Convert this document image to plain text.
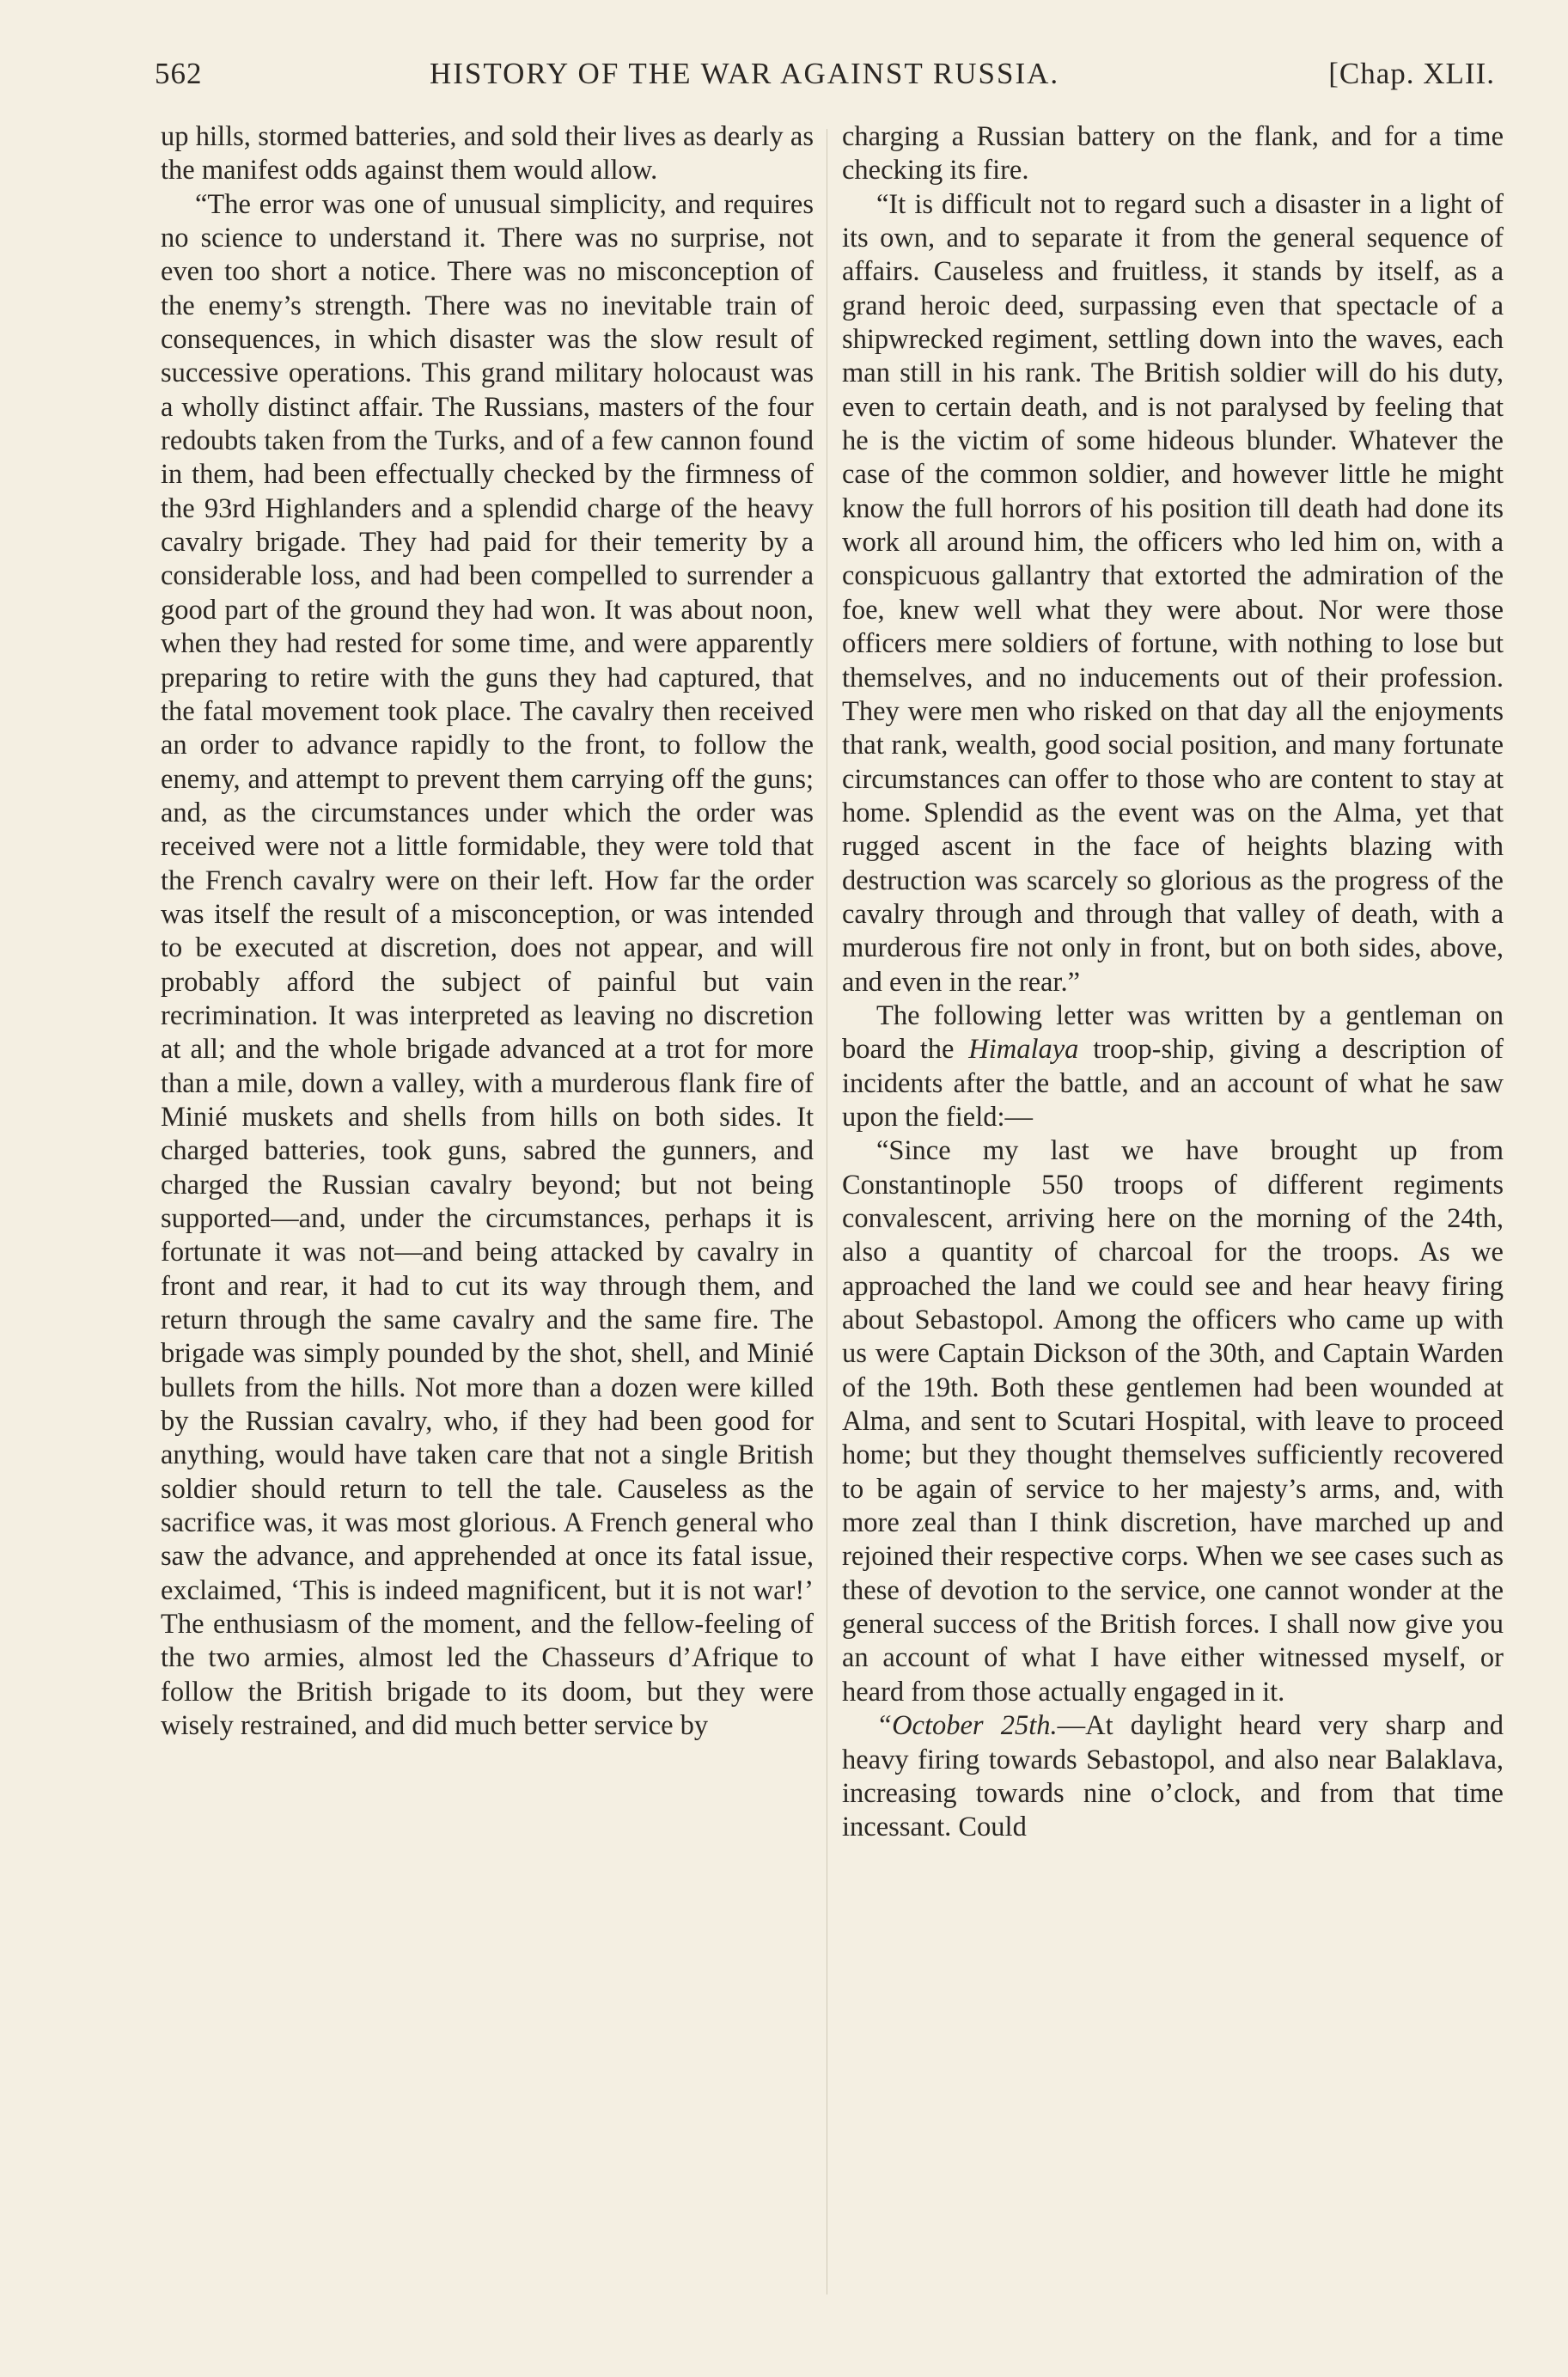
562	HISTORY OF THE WAR AGAINST RUSSIA.	[Chap. XLII.

up hills, stormed batteries, and sold their lives as dearly as the manifest odds against them would allow.

“The error was one of unusual simplicity, and requires no science to understand it. There was no surprise, not even too short a notice. There was no misconception of the enemy’s strength. There was no inevitable train of consequences, in which disaster was the slow result of successive operations. This grand military holocaust was a wholly distinct affair. The Russians, masters of the four redoubts taken from the Turks, and of a few cannon found in them, had been effectually checked by the firmness of the 93rd Highlanders and a splendid charge of the heavy cavalry brigade. They had paid for their temerity by a considerable loss, and had been compelled to surrender a good part of the ground they had won. It was about noon, when they had rested for some time, and were apparently preparing to retire with the guns they had captured, that the fatal movement took place. The cavalry then received an order to advance rapidly to the front, to follow the enemy, and attempt to prevent them carrying off the guns; and, as the circumstances under which the order was received were not a little formidable, they were told that the French cavalry were on their left. How far the order was itself the result of a misconception, or was intended to be executed at discretion, does not appear, and will probably afford the subject of painful but vain recrimination. It was interpreted as leaving no discretion at all; and the whole brigade advanced at a trot for more than a mile, down a valley, with a murderous flank fire of Minié muskets and shells from hills on both sides. It charged batteries, took guns, sabred the gunners, and charged the Russian cavalry beyond; but not being supported—and, under the circumstances, perhaps it is fortunate it was not—and being attacked by cavalry in front and rear, it had to cut its way through them, and return through the same cavalry and the same fire. The brigade was simply pounded by the shot, shell, and Minié bullets from the hills. Not more than a dozen were killed by the Russian cavalry, who, if they had been good for anything, would have taken care that not a single British soldier should return to tell the tale. Causeless as the sacrifice was, it was most glorious. A French general who saw the advance, and apprehended at once its fatal issue, exclaimed, ‘This is indeed magnificent, but it is not war!’ The enthusiasm of the moment, and the fellow-feeling of the two armies, almost led the Chasseurs d’Afrique to follow the British brigade to its doom, but they were wisely restrained, and did much better service by

charging a Russian battery on the flank, and for a time checking its fire.

“It is difficult not to regard such a disaster in a light of its own, and to separate it from the general sequence of affairs. Causeless and fruitless, it stands by itself, as a grand heroic deed, surpassing even that spectacle of a shipwrecked regiment, settling down into the waves, each man still in his rank. The British soldier will do his duty, even to certain death, and is not paralysed by feeling that he is the victim of some hideous blunder. Whatever the case of the common soldier, and however little he might know the full horrors of his position till death had done its work all around him, the officers who led him on, with a conspicuous gallantry that extorted the admiration of the foe, knew well what they were about. Nor were those officers mere soldiers of fortune, with nothing to lose but themselves, and no inducements out of their profession. They were men who risked on that day all the enjoyments that rank, wealth, good social position, and many fortunate circumstances can offer to those who are content to stay at home. Splendid as the event was on the Alma, yet that rugged ascent in the face of heights blazing with destruction was scarcely so glorious as the progress of the cavalry through and through that valley of death, with a murderous fire not only in front, but on both sides, above, and even in the rear.”

The following letter was written by a gentleman on board the Himalaya troop-ship, giving a description of incidents after the battle, and an account of what he saw upon the field:—

“Since my last we have brought up from Constantinople 550 troops of different regiments convalescent, arriving here on the morning of the 24th, also a quantity of charcoal for the troops. As we approached the land we could see and hear heavy firing about Sebastopol. Among the officers who came up with us were Captain Dickson of the 30th, and Captain Warden of the 19th. Both these gentlemen had been wounded at Alma, and sent to Scutari Hospital, with leave to proceed home; but they thought themselves sufficiently recovered to be again of service to her majesty’s arms, and, with more zeal than I think discretion, have marched up and rejoined their respective corps. When we see cases such as these of devotion to the service, one cannot wonder at the general success of the British forces. I shall now give you an account of what I have either witnessed myself, or heard from those actually engaged in it.

“October 25th.—At daylight heard very sharp and heavy firing towards Sebastopol, and also near Balaklava, increasing towards nine o’clock, and from that time incessant. Could
